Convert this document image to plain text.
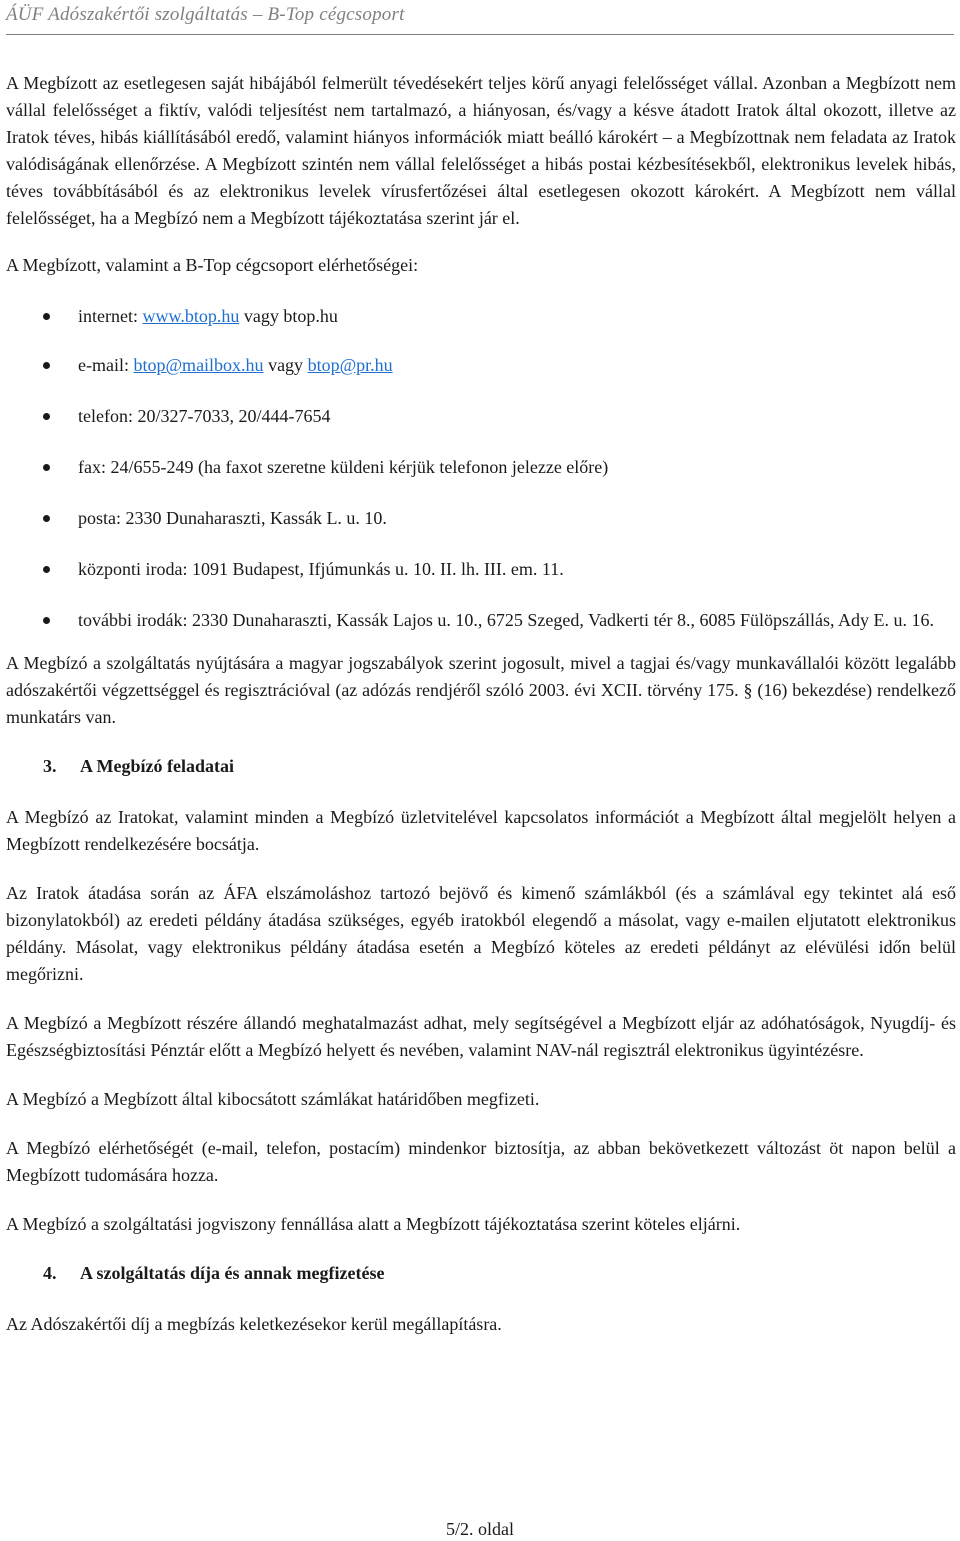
ÁÜF Adószakértői szolgáltatás – B-Top cégcsoport

A Megbízott az esetlegesen saját hibájából felmerült tévedésekért teljes körű anyagi felelősséget vállal. Azonban a Megbízott nem vállal felelősséget a fiktív, valódi teljesítést nem tartalmazó, a hiányosan, és/vagy a késve átadott Iratok által okozott, illetve az Iratok téves, hibás kiállításából eredő, valamint hiányos információk miatt beálló károkért – a Megbízottnak nem feladata az Iratok valódiságának ellenőrzése. A Megbízott szintén nem vállal felelősséget a hibás postai kézbesítésekből, elektronikus levelek hibás, téves továbbításából és az elektronikus levelek vírusfertőzései által esetlegesen okozott károkért. A Megbízott nem vállal felelősséget, ha a Megbízó nem a Megbízott tájékoztatása szerint jár el.

A Megbízott, valamint a B-Top cégcsoport elérhetőségei:

internet: www.btop.hu vagy btop.hu
e-mail: btop@mailbox.hu vagy btop@pr.hu
telefon: 20/327-7033, 20/444-7654
fax: 24/655-249 (ha faxot szeretne küldeni kérjük telefonon jelezze előre)
posta: 2330 Dunaharaszti, Kassák L. u. 10.
központi iroda: 1091 Budapest, Ifjúmunkás u. 10. II. lh. III. em. 11.
további irodák: 2330 Dunaharaszti, Kassák Lajos u. 10., 6725 Szeged, Vadkerti tér 8., 6085 Fülöpszállás, Ady E. u. 16.

A Megbízó a szolgáltatás nyújtására a magyar jogszabályok szerint jogosult, mivel a tagjai és/vagy munkavállalói között legalább adószakértői végzettséggel és regisztrációval (az adózás rendjéről szóló 2003. évi XCII. törvény 175. § (16) bekezdése) rendelkező munkatárs van.

3. A Megbízó feladatai

A Megbízó az Iratokat, valamint minden a Megbízó üzletvitelével kapcsolatos információt a Megbízott által megjelölt helyen a Megbízott rendelkezésére bocsátja.

Az Iratok átadása során az ÁFA elszámoláshoz tartozó bejövő és kimenő számlákból (és a számlával egy tekintet alá eső bizonylatokból) az eredeti példány átadása szükséges, egyéb iratokból elegendő a másolat, vagy e-mailen eljutatott elektronikus példány. Másolat, vagy elektronikus példány átadása esetén a Megbízó köteles az eredeti példányt az elévülési időn belül megőrizni.

A Megbízó a Megbízott részére állandó meghatalmazást adhat, mely segítségével a Megbízott eljár az adóhatóságok, Nyugdíj- és Egészségbiztosítási Pénztár előtt a Megbízó helyett és nevében, valamint NAV-nál regisztrál elektronikus ügyintézésre.

A Megbízó a Megbízott által kibocsátott számlákat határidőben megfizeti.

A Megbízó elérhetőségét (e-mail, telefon, postacím) mindenkor biztosítja, az abban bekövetkezett változást öt napon belül a Megbízott tudomására hozza.

A Megbízó a szolgáltatási jogviszony fennállása alatt a Megbízott tájékoztatása szerint köteles eljárni.

4. A szolgáltatás díja és annak megfizetése

Az Adószakértői díj a megbízás keletkezésekor kerül megállapításra.

5/2. oldal
